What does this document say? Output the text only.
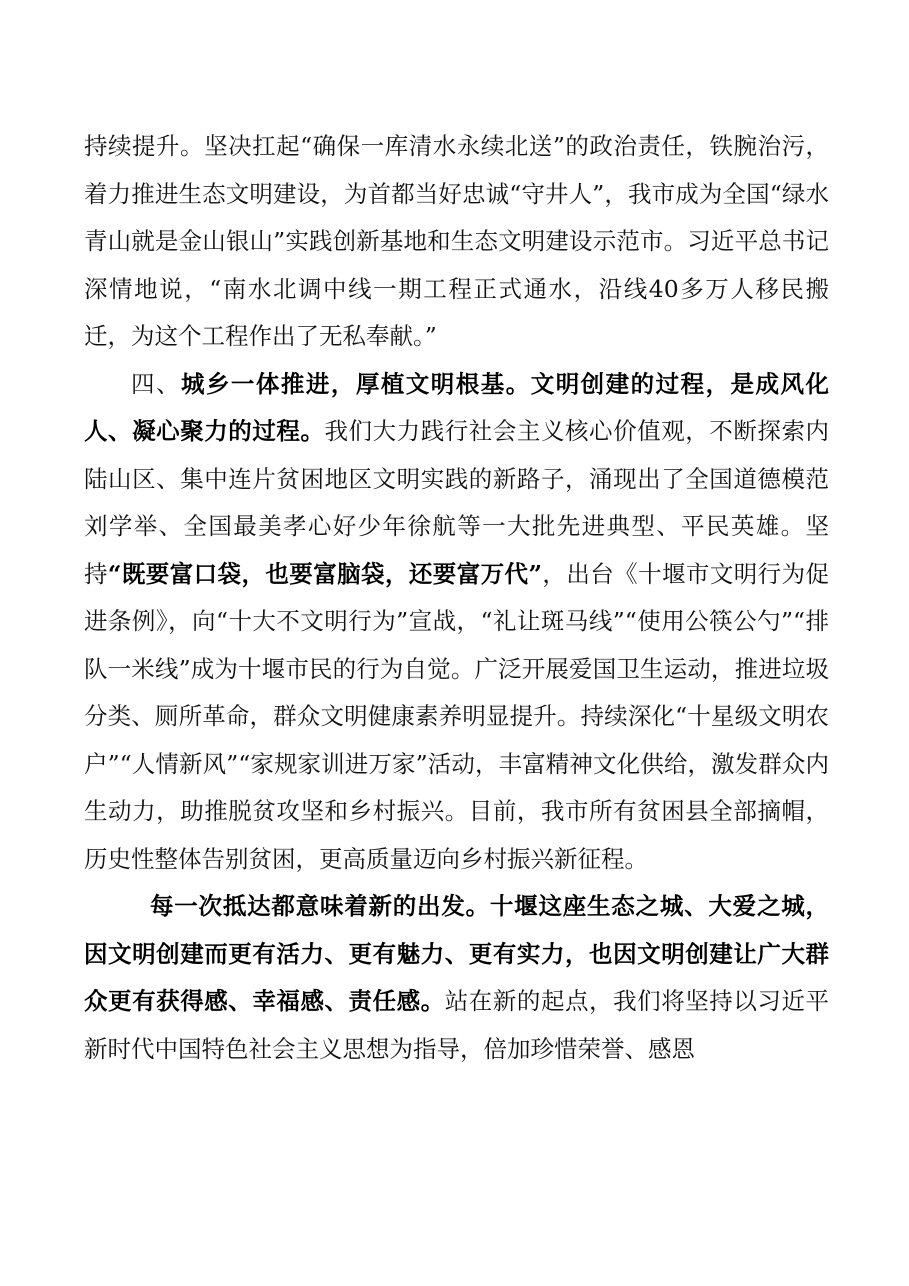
持续提升。坚决扛起“确保一库清水永续北送”的政治责任，铁腕治污，着力推进生态文明建设，为首都当好忠诚“守井人”，我市成为全国“绿水青山就是金山银山”实践创新基地和生态文明建设示范市。习近平总书记深情地说，“南水北调中线一期工程正式通水，沿线40多万人移民搬迁，为这个工程作出了无私奉献。”

四、城乡一体推进，厚植文明根基。文明创建的过程，是成风化人、凝心聚力的过程。我们大力践行社会主义核心价值观，不断探索内陆山区、集中连片贫困地区文明实践的新路子，涌现出了全国道德模范刘学举、全国最美孝心好少年徐航等一大批先进典型、平民英雄。坚持“既要富口袋，也要富脑袋，还要富万代”，出台《十堰市文明行为促进条例》，向“十大不文明行为”宣战，“礼让斑马线”“使用公筷公勺”“排队一米线”成为十堰市民的行为自觉。广泛开展爱国卫生运动，推进垃圾分类、厕所革命，群众文明健康素养明显提升。持续深化“十星级文明农户”“人情新风”“家规家训进万家”活动，丰富精神文化供给，激发群众内生动力，助推脱贫攻坚和乡村振兴。目前，我市所有贫困县全部摘帽，历史性整体告别贫困，更高质量迈向乡村振兴新征程。

每一次抵达都意味着新的出发。十堰这座生态之城、大爱之城，因文明创建而更有活力、更有魅力、更有实力，也因文明创建让广大群众更有获得感、幸福感、责任感。站在新的起点，我们将坚持以习近平新时代中国特色社会主义思想为指导，倍加珍惜荣誉、感恩
